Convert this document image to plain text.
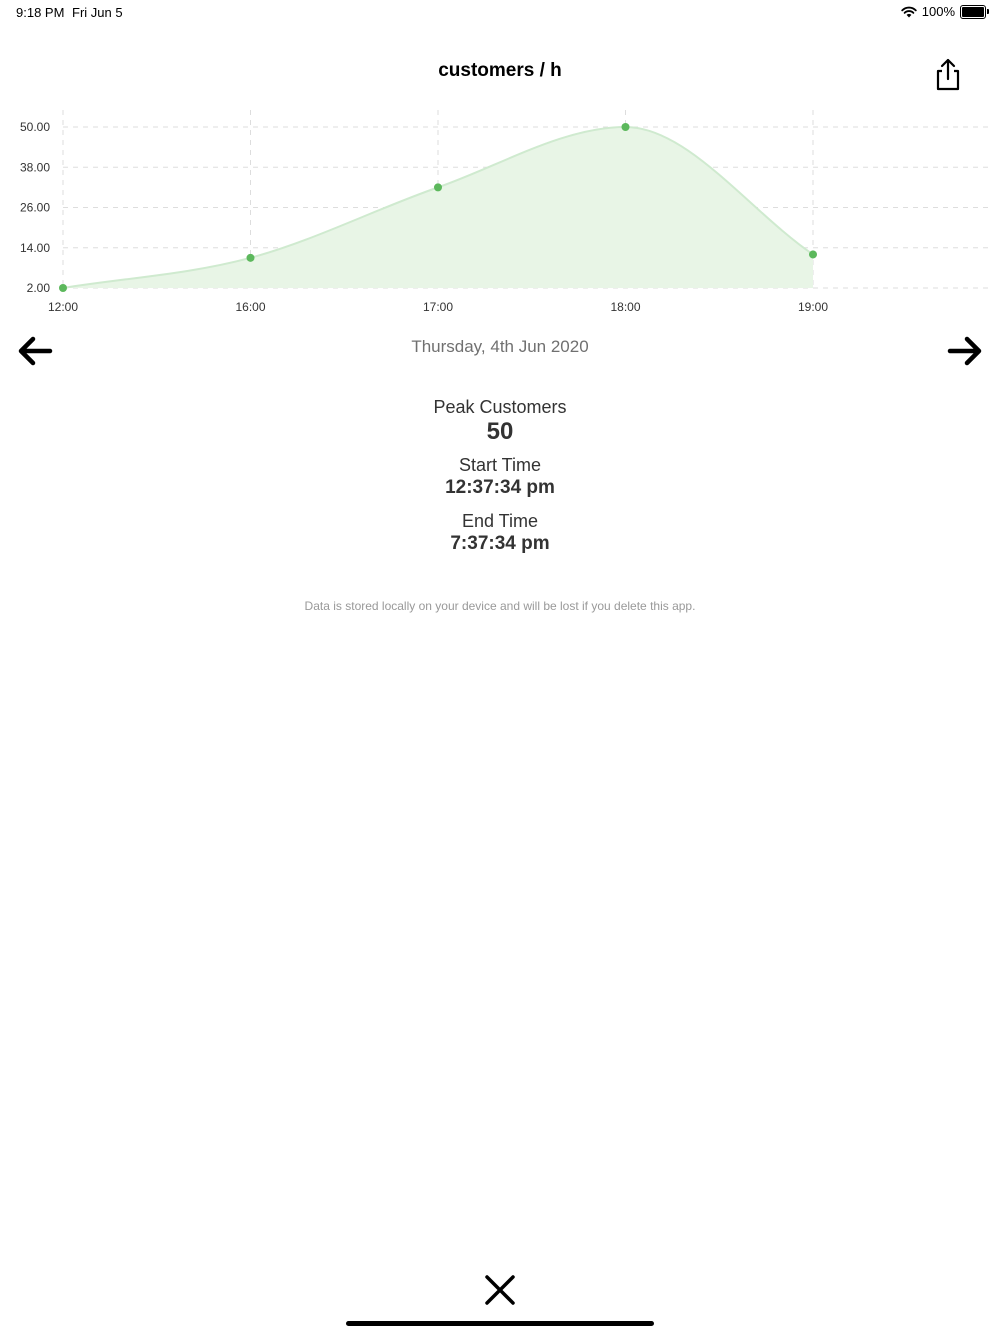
9:18 PM Fri Jun 5	100%
customers / h
50.00
38.00
26.00
14.00
2.00
12:00	16:00	17:00	18:00	19:00
Thursday, 4th Jun 2020
Peak Customers
50
Start Time
12:37:34 pm
End Time
7:37:34 pm
Data is stored locally on your device and will be lost if you delete this app.
